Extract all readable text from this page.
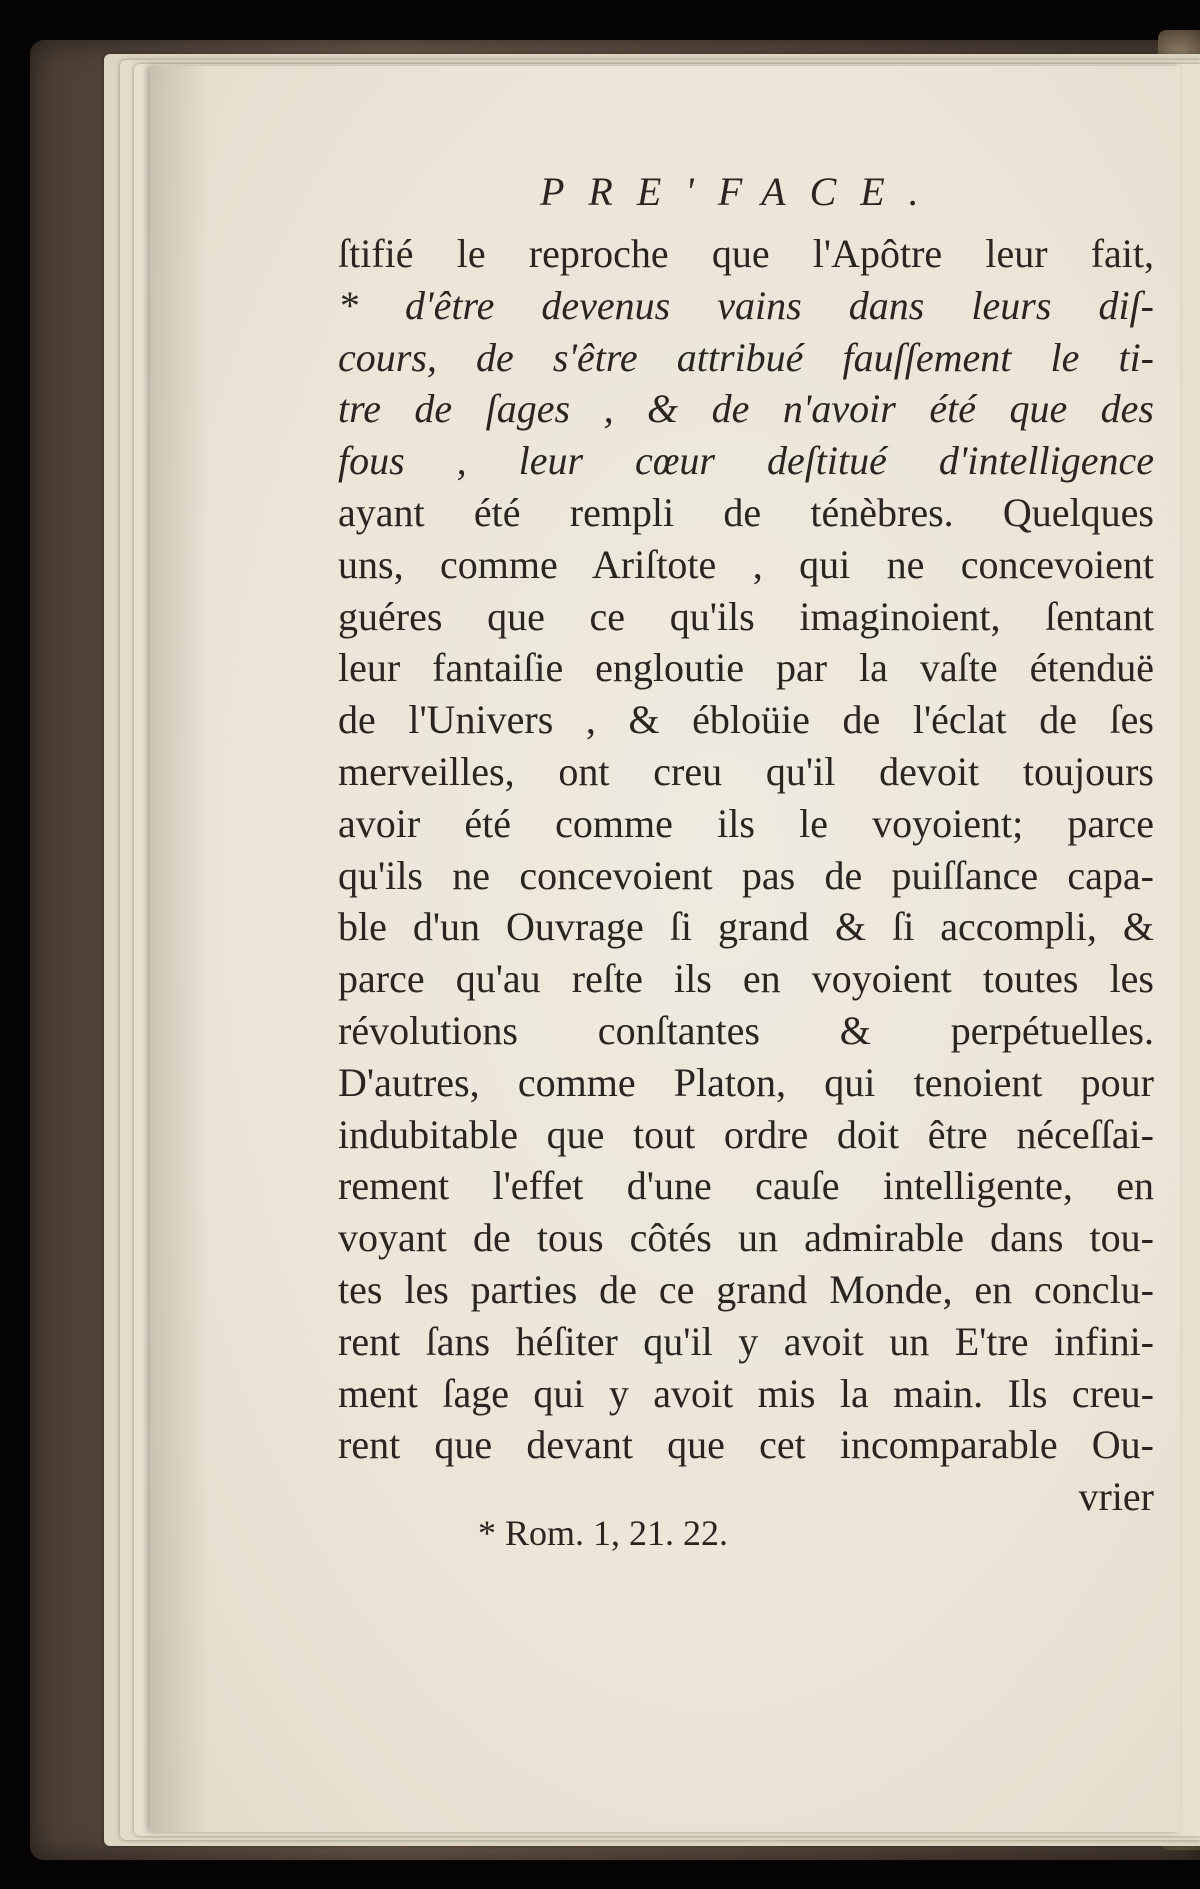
PRE'FACE.
ſtifié le reproche que l'Apôtre leur fait,
* d'être devenus vains dans leurs diſ-
cours, de s'être attribué fauſſement le ti-
tre de ſages , & de n'avoir été que des
fous , leur cœur deſtitué d'intelligence
ayant été rempli de ténèbres. Quelques
uns, comme Ariſtote , qui ne concevoient
guéres que ce qu'ils imaginoient, ſentant
leur fantaiſie engloutie par la vaſte étenduë
de l'Univers , & ébloüie de l'éclat de ſes
merveilles, ont creu qu'il devoit toujours
avoir été comme ils le voyoient; parce
qu'ils ne concevoient pas de puiſſance capa-
ble d'un Ouvrage ſi grand & ſi accompli, &
parce qu'au reſte ils en voyoient toutes les
révolutions conſtantes & perpétuelles.
D'autres, comme Platon, qui tenoient pour
indubitable que tout ordre doit être néceſſai-
rement l'effet d'une cauſe intelligente, en
voyant de tous côtés un admirable dans tou-
tes les parties de ce grand Monde, en conclu-
rent ſans héſiter qu'il y avoit un E'tre infini-
ment ſage qui y avoit mis la main. Ils creu-
rent que devant que cet incomparable Ou-
vrier
* Rom. 1, 21. 22.
